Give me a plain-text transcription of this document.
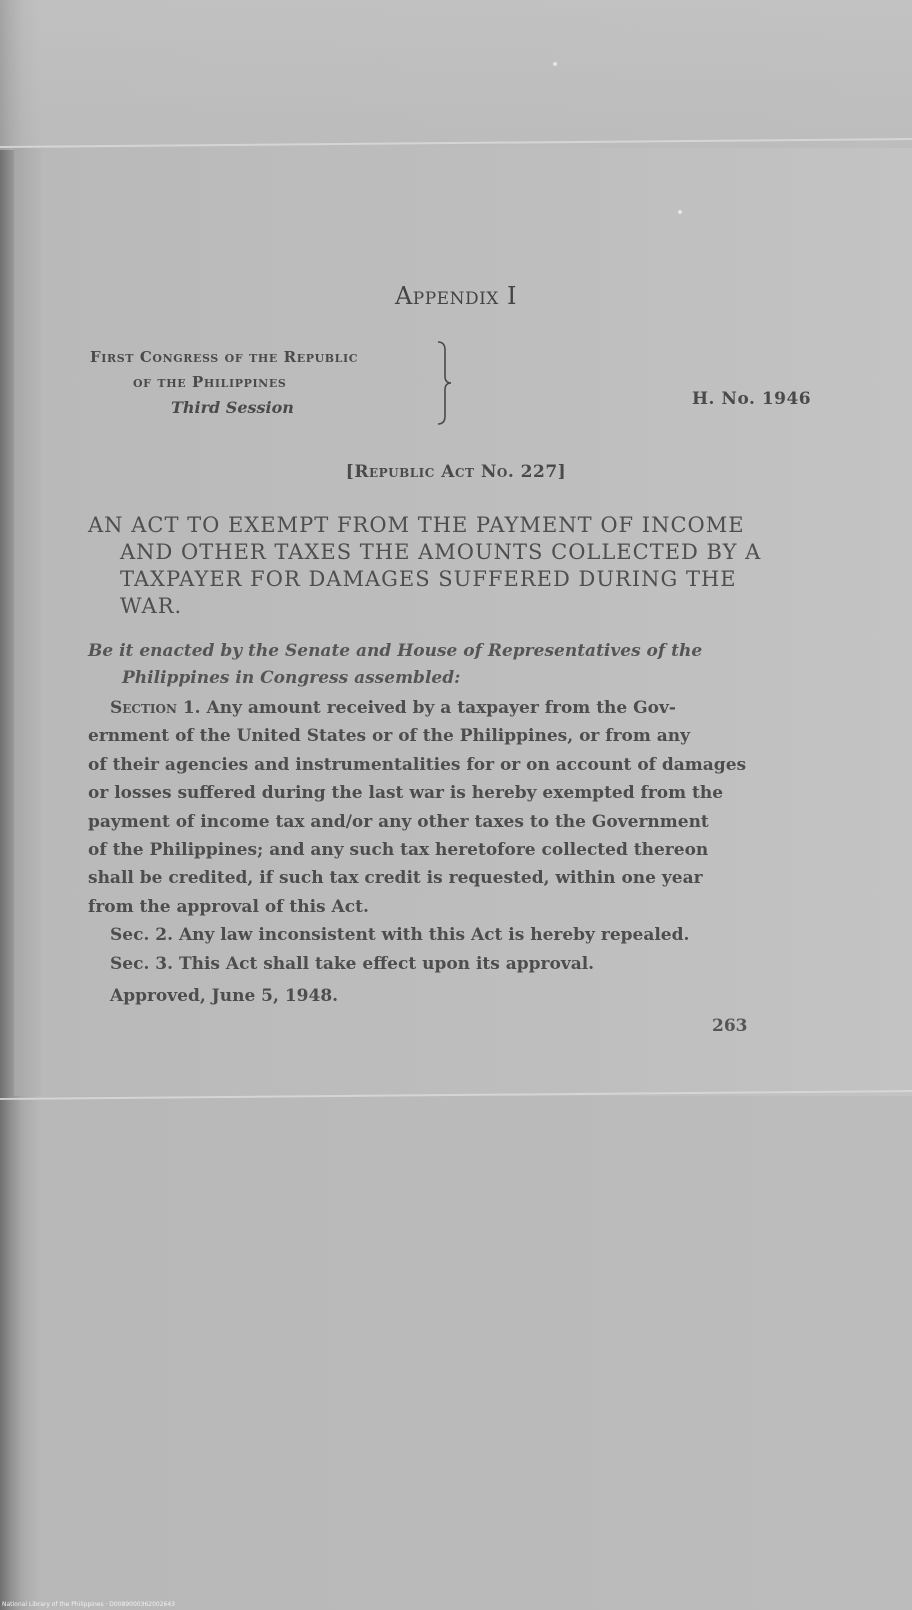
Appendix I
First Congress of the Republic
of the Philippines
Third Session	H. No. 1946
[Republic Act No. 227]
AN ACT TO EXEMPT FROM THE PAYMENT OF INCOME
AND OTHER TAXES THE AMOUNTS COLLECTED BY A
TAXPAYER FOR DAMAGES SUFFERED DURING THE
WAR.
Be it enacted by the Senate and House of Representatives of the
Philippines in Congress assembled:
Section 1. Any amount received by a taxpayer from the Gov-
ernment of the United States or of the Philippines, or from any
of their agencies and instrumentalities for or on account of damages
or losses suffered during the last war is hereby exempted from the
payment of income tax and/or any other taxes to the Government
of the Philippines; and any such tax heretofore collected thereon
shall be credited, if such tax credit is requested, within one year
from the approval of this Act.
Sec. 2. Any law inconsistent with this Act is hereby repealed.
Sec. 3. This Act shall take effect upon its approval.
Approved, June 5, 1948.
263
National Library of the Philippines · D0089000362002643
